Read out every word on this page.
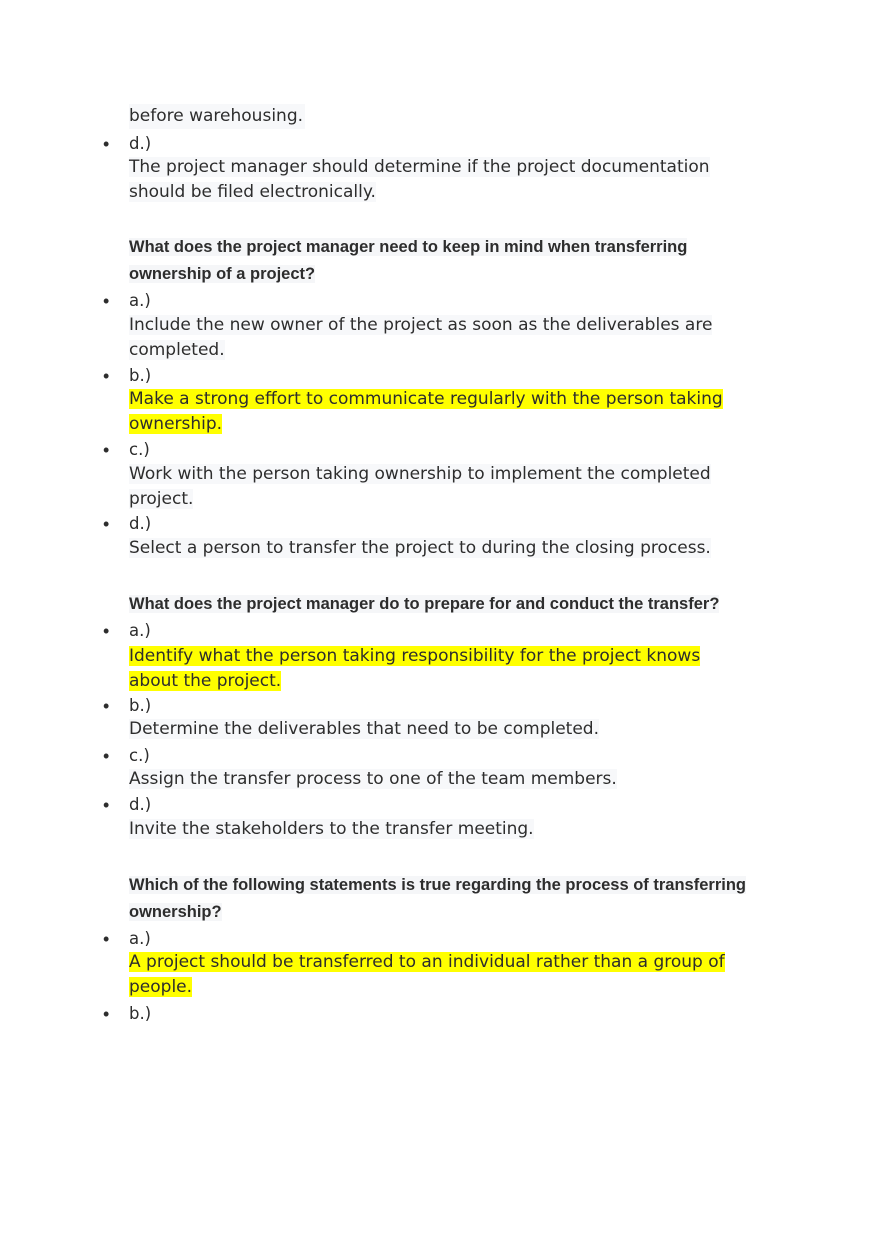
before warehousing.
• d.)
The project manager should determine if the project documentation should be filed electronically.
What does the project manager need to keep in mind when transferring ownership of a project?
• a.)
Include the new owner of the project as soon as the deliverables are completed.
• b.)
Make a strong effort to communicate regularly with the person taking ownership.
• c.)
Work with the person taking ownership to implement the completed project.
• d.)
Select a person to transfer the project to during the closing process.
What does the project manager do to prepare for and conduct the transfer?
• a.)
Identify what the person taking responsibility for the project knows about the project.
• b.)
Determine the deliverables that need to be completed.
• c.)
Assign the transfer process to one of the team members.
• d.)
Invite the stakeholders to the transfer meeting.
Which of the following statements is true regarding the process of transferring ownership?
• a.)
A project should be transferred to an individual rather than a group of people.
• b.)
